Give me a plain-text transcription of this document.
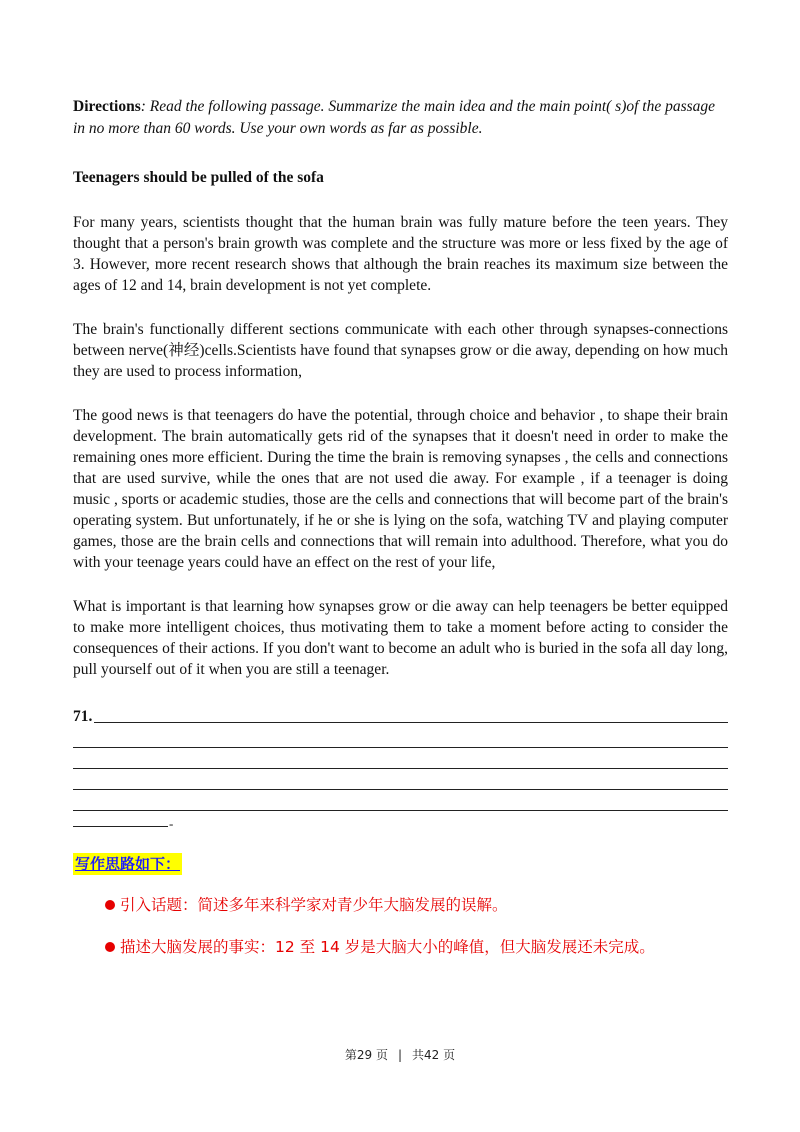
Directions: Read the following passage. Summarize the main idea and the main point( s)of the passage in no more than 60 words. Use your own words as far as possible.

Teenagers should be pulled of the sofa

For many years, scientists thought that the human brain was fully mature before the teen years. They thought that a person's brain growth was complete and the structure was more or less fixed by the age of 3. However, more recent research shows that although the brain reaches its maximum size between the ages of 12 and 14, brain development is not yet complete.

The brain's functionally different sections communicate with each other through synapses-connections between nerve(神经)cells.Scientists have found that synapses grow or die away, depending on how much they are used to process information,

The good news is that teenagers do have the potential, through choice and behavior , to shape their brain development. The brain automatically gets rid of the synapses that it doesn't need in order to make the remaining ones more efficient. During the time the brain is removing synapses , the cells and connections that are used survive, while the ones that are not used die away. For example , if a teenager is doing music , sports or academic studies, those are the cells and connections that will become part of the brain's operating system. But unfortunately, if he or she is lying on the sofa, watching TV and playing computer games, those are the brain cells and connections that will remain into adulthood. Therefore, what you do with your teenage years could have an effect on the rest of your life,

What is important is that learning how synapses grow or die away can help teenagers be better equipped to make more intelligent choices, thus motivating them to take a moment before acting to consider the consequences of their actions. If you don't want to become an adult who is buried in the sofa all day long, pull yourself out of it when you are still a teenager.

71.
-
写作思路如下：
引入话题：简述多年来科学家对青少年大脑发展的误解。
描述大脑发展的事实：12 至 14 岁是大脑大小的峰值，但大脑发展还未完成。
第29 页 | 共42 页
